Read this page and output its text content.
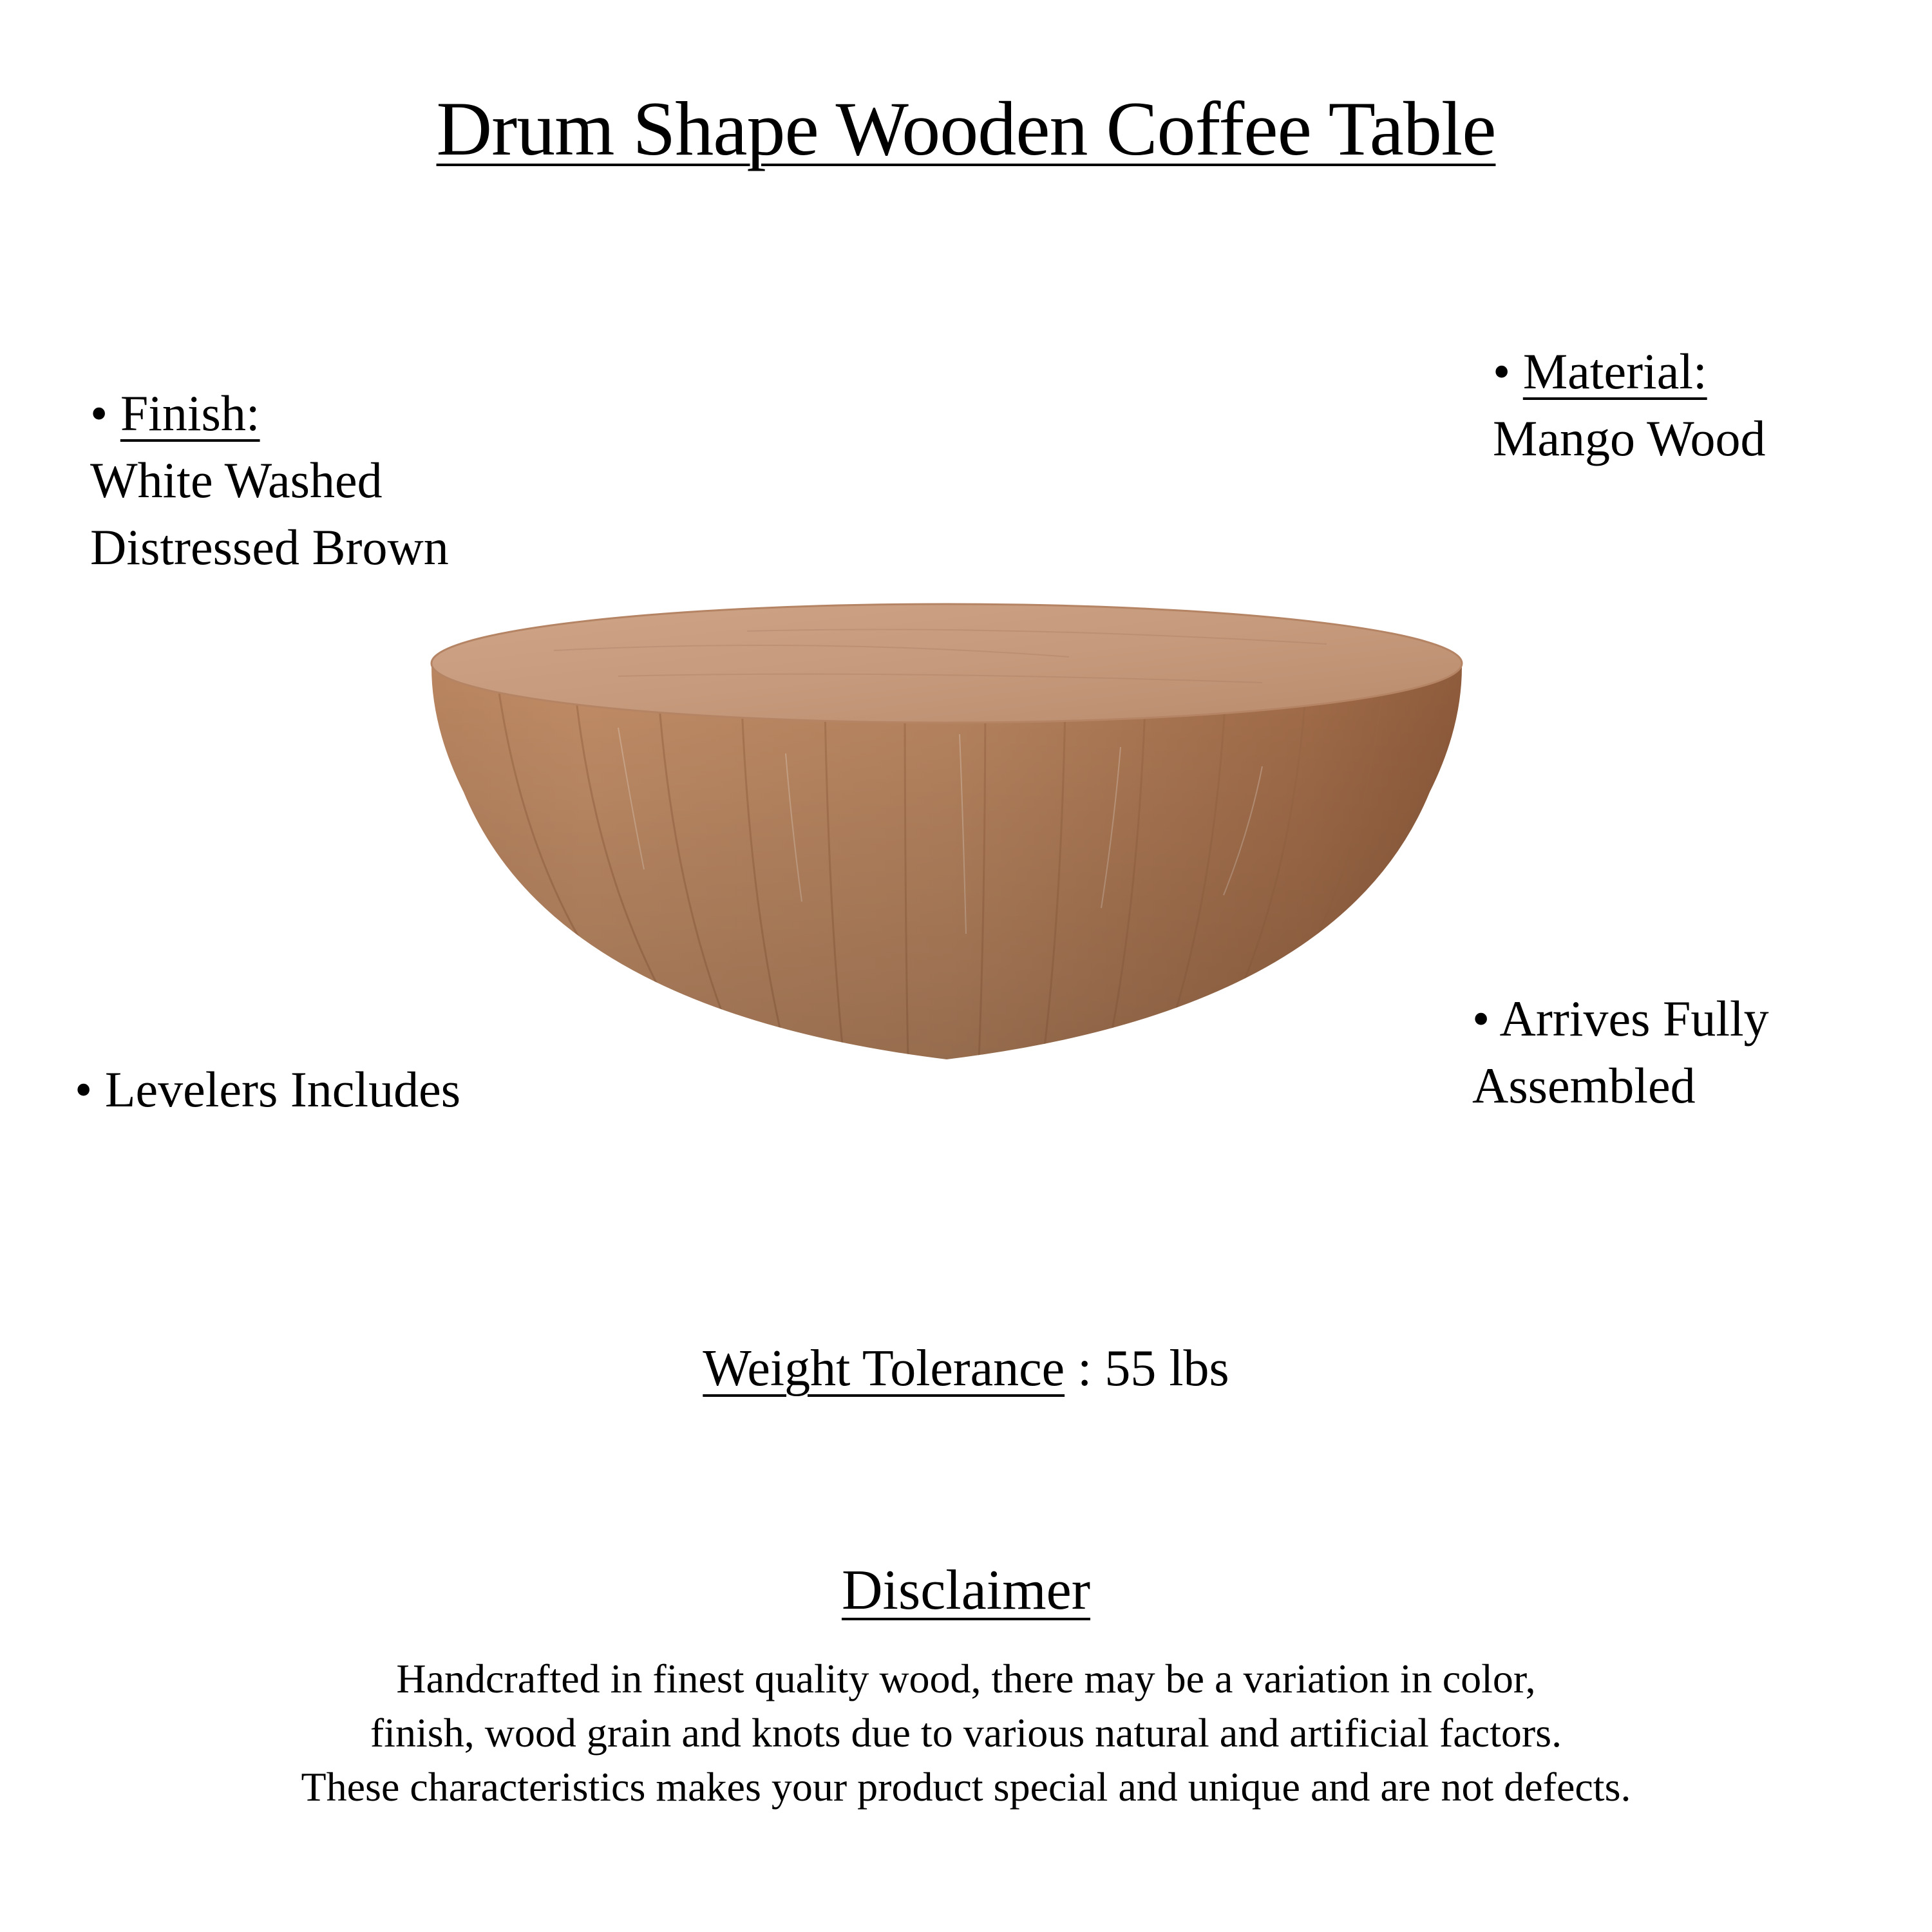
Drum Shape Wooden Coffee Table
• Finish:
White Washed
Distressed Brown
• Material:
Mango Wood
• Levelers Includes
• Arrives Fully
Assembled
Weight Tolerance : 55 lbs
Disclaimer
Handcrafted in finest quality wood, there may be a variation in color,
finish, wood grain and knots due to various natural and artificial factors.
These characteristics makes your product special and unique and are not defects.
